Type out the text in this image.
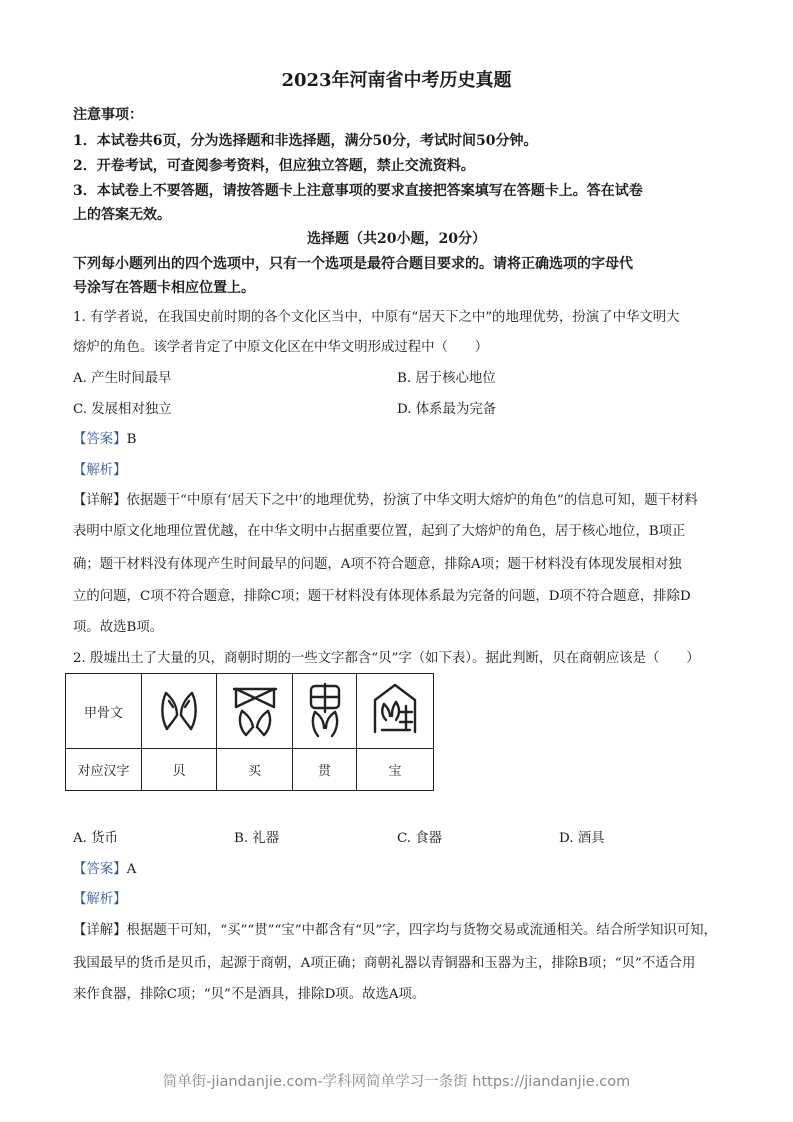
2023年河南省中考历史真题
注意事项：
1．本试卷共6页，分为选择题和非选择题，满分50分，考试时间50分钟。
2．开卷考试，可查阅参考资料，但应独立答题，禁止交流资料。
3．本试卷上不要答题，请按答题卡上注意事项的要求直接把答案填写在答题卡上。答在试卷
上的答案无效。
选择题（共20小题，20分）
下列每小题列出的四个选项中，只有一个选项是最符合题目要求的。请将正确选项的字母代
号涂写在答题卡相应位置上。
1. 有学者说，在我国史前时期的各个文化区当中，中原有“居天下之中”的地理优势，扮演了中华文明大
熔炉的角色。该学者肯定了中原文化区在中华文明形成过程中（　　）
A. 产生时间最早	B. 居于核心地位
C. 发展相对独立	D. 体系最为完备
【答案】B
【解析】
【详解】依据题干“中原有‘居天下之中’的地理优势，扮演了中华文明大熔炉的角色”的信息可知，题干材料
表明中原文化地理位置优越，在中华文明中占据重要位置，起到了大熔炉的角色，居于核心地位，B项正
确；题干材料没有体现产生时间最早的问题，A项不符合题意，排除A项；题干材料没有体现发展相对独
立的问题，C项不符合题意，排除C项；题干材料没有体现体系最为完备的问题，D项不符合题意，排除D
项。故选B项。
2. 殷墟出土了大量的贝，商朝时期的一些文字都含“贝”字（如下表）。据此判断，贝在商朝应该是（　　）
甲骨文	

对应汉字	贝	买	贯	宝
A. 货币	B. 礼器	C. 食器	D. 酒具
【答案】A
【解析】
【详解】根据题干可知，“买”“贯”“宝”中都含有“贝”字，四字均与货物交易或流通相关。结合所学知识可知，
我国最早的货币是贝币，起源于商朝，A项正确；商朝礼器以青铜器和玉器为主，排除B项；“贝”不适合用
来作食器，排除C项；“贝”不是酒具，排除D项。故选A项。
简单街-jiandanjie.com-学科网简单学习一条街 https://jiandanjie.com
